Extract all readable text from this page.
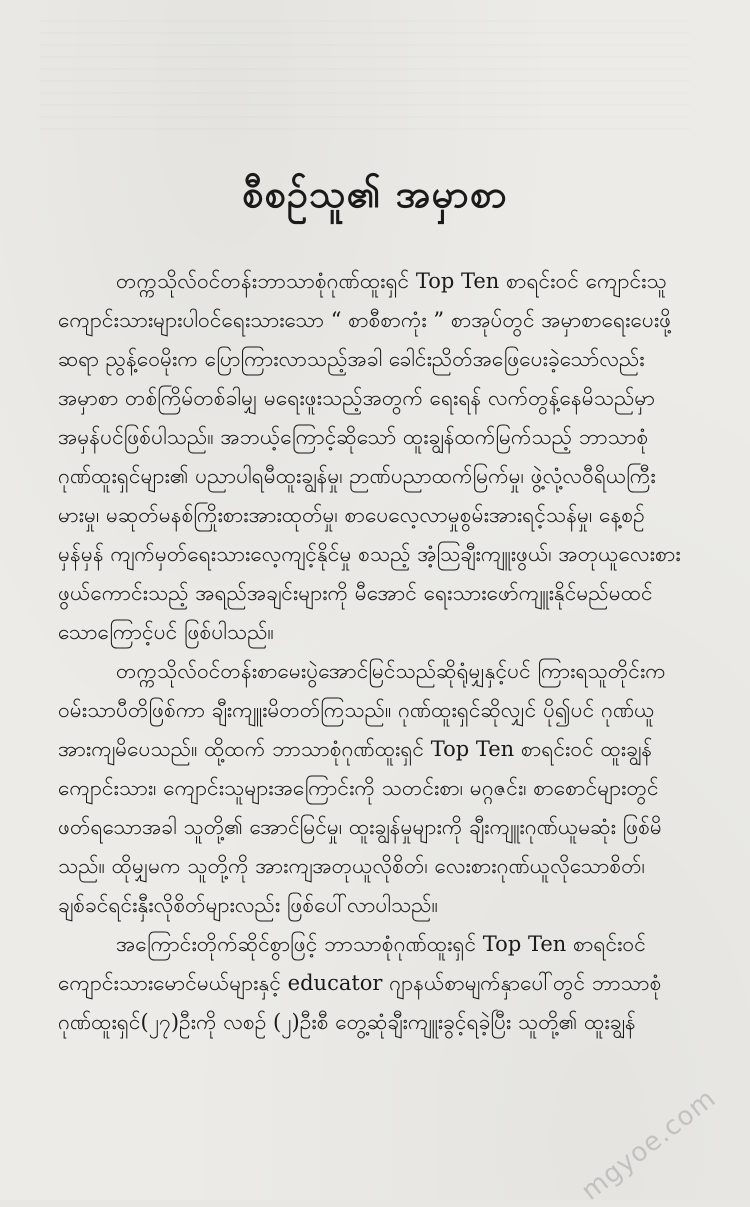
စီစဉ်သူ၏ အမှာစာ
တက္ကသိုလ်ဝင်တန်းဘာသာစုံဂုဏ်ထူးရှင် Top Ten စာရင်းဝင် ကျောင်းသူ
ကျောင်းသားများပါဝင်ရေးသားသော “ စာစီစာကုံး ” စာအုပ်တွင် အမှာစာရေးပေးဖို့
ဆရာ ညွန့်ဝေမိုးက ပြောကြားလာသည့်အခါ ခေါင်းညိတ်အဖြေပေးခဲ့သော်လည်း
အမှာစာ တစ်ကြိမ်တစ်ခါမျှ မရေးဖူးသည့်အတွက် ရေးရန် လက်တွန့်နေမိသည်မှာ
အမှန်ပင်ဖြစ်ပါသည်။ အဘယ့်ကြောင့်ဆိုသော် ထူးချွန်ထက်မြက်သည့် ဘာသာစုံ
ဂုဏ်ထူးရှင်များ၏ ပညာပါရမီထူးချွန်မှု၊ ဉာဏ်ပညာထက်မြက်မှု၊ ဖွဲ့လုံ့လဝီရိယကြီး
မားမှု၊ မဆုတ်မနစ်ကြိုးစားအားထုတ်မှု၊ စာပေလေ့လာမှုစွမ်းအားရင့်သန်မှု၊ နေ့စဉ်
မှန်မှန် ကျက်မှတ်ရေးသားလေ့ကျင့်နိုင်မှု စသည့် အံ့သြချီးကျူးဖွယ်၊ အတုယူလေးစား
ဖွယ်ကောင်းသည့် အရည်အချင်းများကို မီအောင် ရေးသားဖော်ကျူးနိုင်မည်မထင်
သောကြောင့်ပင် ဖြစ်ပါသည်။
တက္ကသိုလ်ဝင်တန်းစာမေးပွဲအောင်မြင်သည်ဆိုရုံမျှနှင့်ပင် ကြားရသူတိုင်းက
ဝမ်းသာပီတိဖြစ်ကာ ချီးကျူးမိတတ်ကြသည်။ ဂုဏ်ထူးရှင်ဆိုလျှင် ပို၍ပင် ဂုဏ်ယူ
အားကျမိပေသည်။ ထို့ထက် ဘာသာစုံဂုဏ်ထူးရှင် Top Ten စာရင်းဝင် ထူးချွန်
ကျောင်းသား၊ ကျောင်းသူများအကြောင်းကို သတင်းစာ၊ မဂ္ဂဇင်း၊ စာစောင်များတွင်
ဖတ်ရသောအခါ သူတို့၏ အောင်မြင်မှု၊ ထူးချွန်မှုများကို ချီးကျူးဂုဏ်ယူမဆုံး ဖြစ်မိ
သည်။ ထိုမျှမက သူတို့ကို အားကျအတုယူလိုစိတ်၊ လေးစားဂုဏ်ယူလိုသောစိတ်၊
ချစ်ခင်ရင်းနှီးလိုစိတ်များလည်း ဖြစ်ပေါ်လာပါသည်။
အကြောင်းတိုက်ဆိုင်စွာဖြင့် ဘာသာစုံဂုဏ်ထူးရှင် Top Ten စာရင်းဝင်
ကျောင်းသားမောင်မယ်များနှင့် educator ဂျာနယ်စာမျက်နှာပေါ်တွင် ဘာသာစုံ
ဂုဏ်ထူးရှင်(၂၇)ဦးကို လစဉ် (၂)ဦးစီ တွေ့ဆုံချီးကျူးခွင့်ရခဲ့ပြီး သူတို့၏ ထူးချွန်
mgyoe.com
